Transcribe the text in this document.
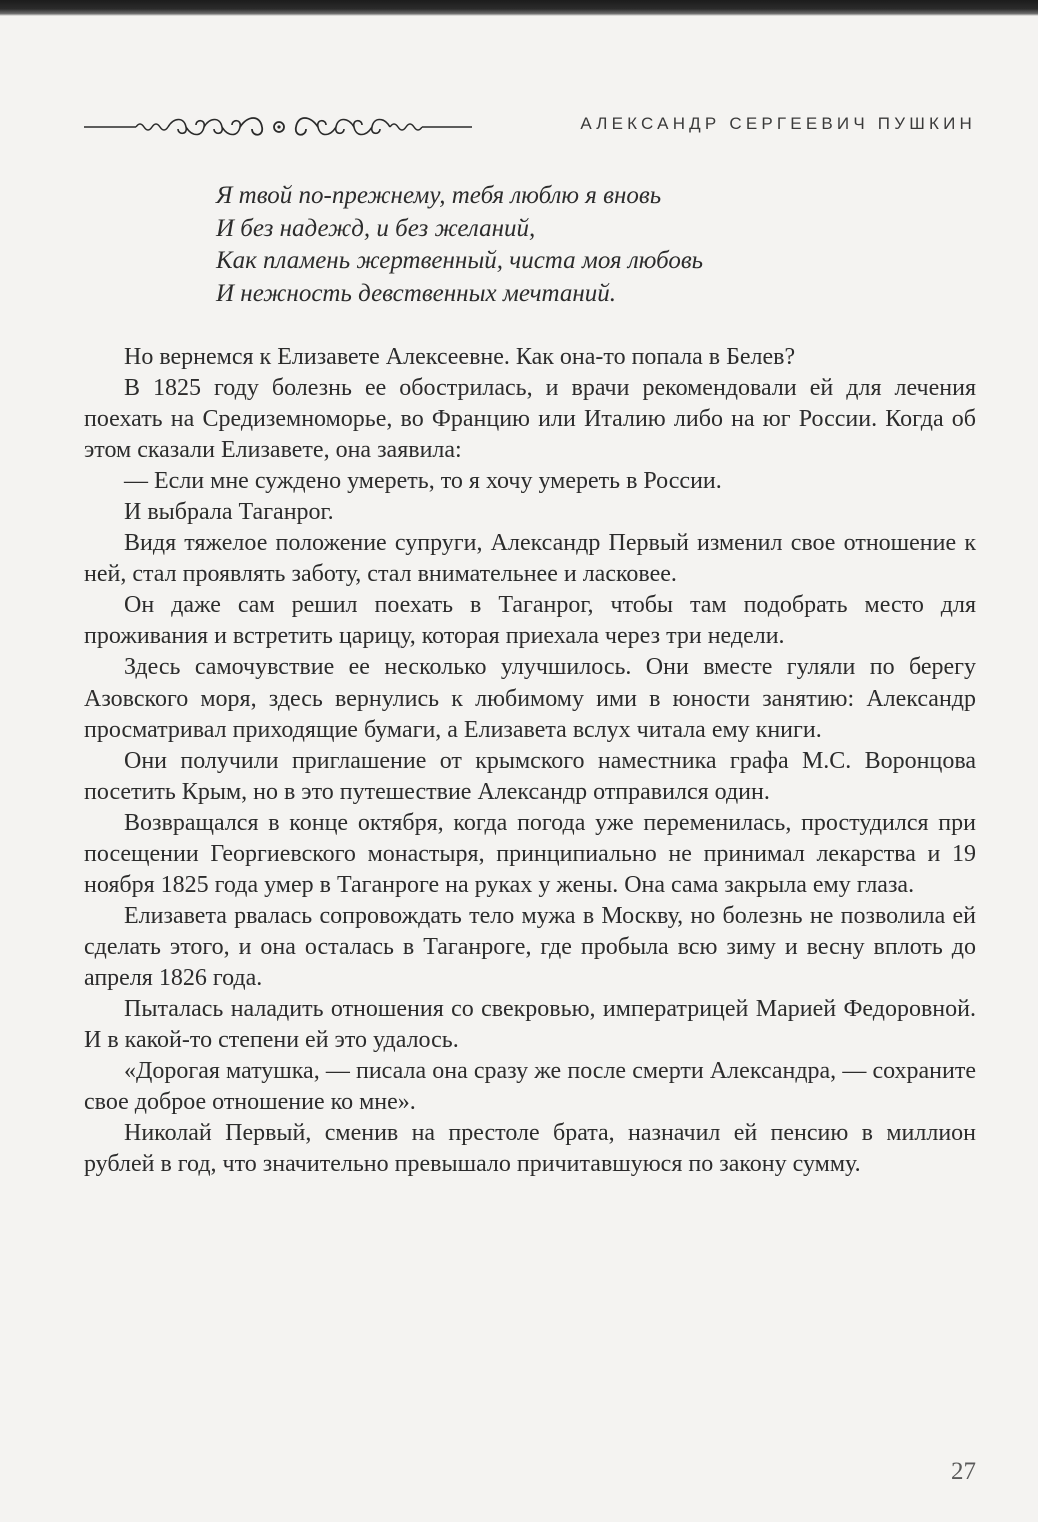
АЛЕКСАНДР СЕРГЕЕВИЧ ПУШКИН
Я твой по-прежнему, тебя люблю я вновь
И без надежд, и без желаний,
Как пламень жертвенный, чиста моя любовь
И нежность девственных мечтаний.

Но вернемся к Елизавете Алексеевне. Как она-то попала в Белев?

В 1825 году болезнь ее обострилась, и врачи рекомендовали ей для лечения поехать на Средиземноморье, во Францию или Италию либо на юг России. Когда об этом сказали Елизавете, она заявила:

— Если мне суждено умереть, то я хочу умереть в России.

И выбрала Таганрог.

Видя тяжелое положение супруги, Александр Первый изменил свое отношение к ней, стал проявлять заботу, стал внимательнее и ласковее.

Он даже сам решил поехать в Таганрог, чтобы там подобрать место для проживания и встретить царицу, которая приехала через три недели.

Здесь самочувствие ее несколько улучшилось. Они вместе гуляли по берегу Азовского моря, здесь вернулись к любимому ими в юности занятию: Александр просматривал приходящие бумаги, а Елизавета вслух читала ему книги.

Они получили приглашение от крымского наместника графа М.С. Воронцова посетить Крым, но в это путешествие Александр отправился один.

Возвращался в конце октября, когда погода уже переменилась, простудился при посещении Георгиевского монастыря, принципиально не принимал лекарства и 19 ноября 1825 года умер в Таганроге на руках у жены. Она сама закрыла ему глаза.

Елизавета рвалась сопровождать тело мужа в Москву, но болезнь не позволила ей сделать этого, и она осталась в Таганроге, где пробыла всю зиму и весну вплоть до апреля 1826 года.

Пыталась наладить отношения со свекровью, императрицей Марией Федоровной. И в какой-то степени ей это удалось.

«Дорогая матушка, — писала она сразу же после смерти Александра, — сохраните свое доброе отношение ко мне».

Николай Первый, сменив на престоле брата, назначил ей пенсию в миллион рублей в год, что значительно превышало причитавшуюся по закону сумму.

27
